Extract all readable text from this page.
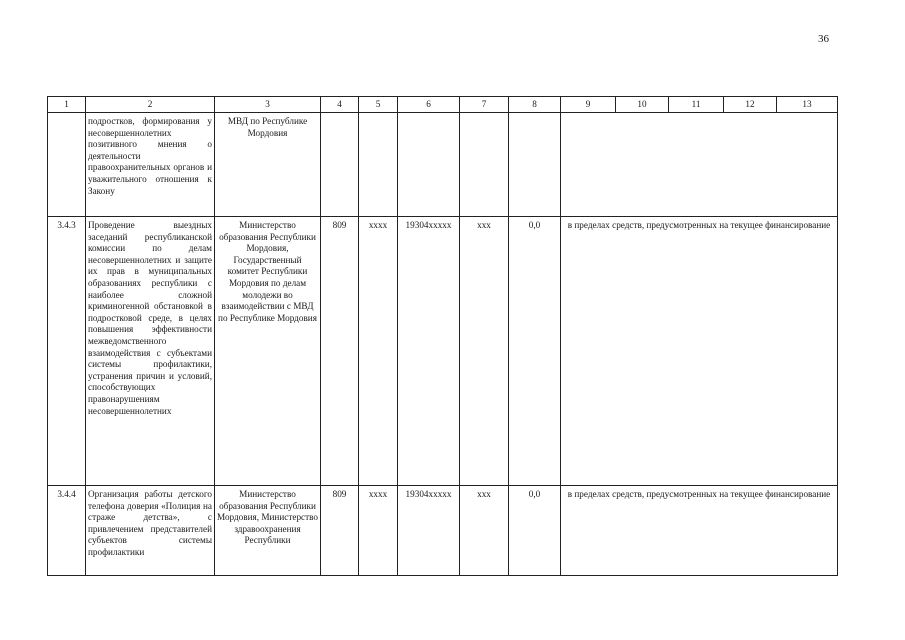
36
1	2	3	4	5	6	7	8	9	10	11	12	13
	подростков, формирования у несовершеннолетних позитивного мнения о деятельности правоохранительных органов и уважительного отношения к Закону	МВД по Республике Мордовия										
3.4.3	Проведение выездных заседаний республиканской комиссии по делам несовершеннолетних и защите их прав в муниципальных образованиях республики с наиболее сложной криминогенной обстановкой в подростковой среде, в целях повышения эффективности межведомственного взаимодействия с субъектами системы профилактики, устранения причин и условий, способствующих правонарушениям несовершеннолетних	Министерство образования Республики Мордовия, Государственный комитет Республики Мордовия по делам молодежи во взаимодействии с МВД по Республике Мордовия	809	хххх	19304ххххх	ххх	0,0	в пределах средств, предусмотренных на текущее финансирование				
3.4.4	Организация работы детского телефона доверия «Полиция на страже детства», с привлечением представителей субъектов системы профилактики	Министерство образования Республики Мордовия, Министерство здравоохранения Республики	809	хххх	19304ххххх	ххх	0,0	в пределах средств, предусмотренных на текущее финансирование				
